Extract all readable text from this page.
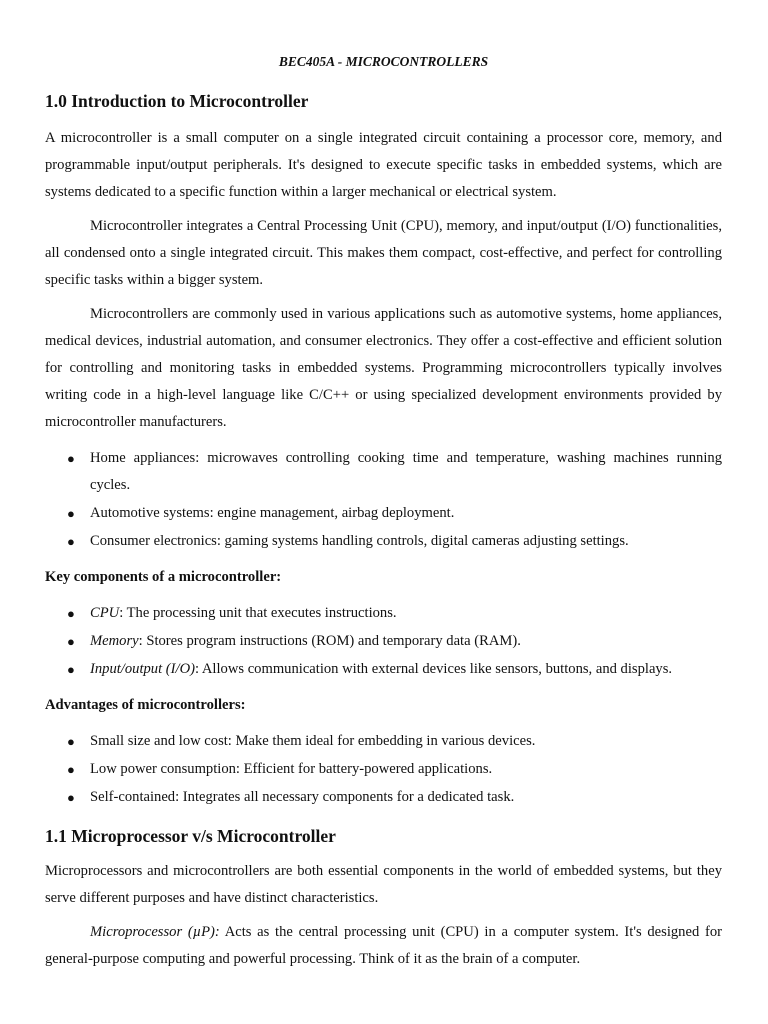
BEC405A - MICROCONTROLLERS

1.0 Introduction to Microcontroller

A microcontroller is a small computer on a single integrated circuit containing a processor core, memory, and programmable input/output peripherals. It's designed to execute specific tasks in embedded systems, which are systems dedicated to a specific function within a larger mechanical or electrical system.

Microcontroller integrates a Central Processing Unit (CPU), memory, and input/output (I/O) functionalities, all condensed onto a single integrated circuit. This makes them compact, cost-effective, and perfect for controlling specific tasks within a bigger system.

Microcontrollers are commonly used in various applications such as automotive systems, home appliances, medical devices, industrial automation, and consumer electronics. They offer a cost-effective and efficient solution for controlling and monitoring tasks in embedded systems. Programming microcontrollers typically involves writing code in a high-level language like C/C++ or using specialized development environments provided by microcontroller manufacturers.

● Home appliances: microwaves controlling cooking time and temperature, washing machines running cycles.
● Automotive systems: engine management, airbag deployment.
● Consumer electronics: gaming systems handling controls, digital cameras adjusting settings.
Key components of a microcontroller:
● CPU: The processing unit that executes instructions.
● Memory: Stores program instructions (ROM) and temporary data (RAM).
● Input/output (I/O): Allows communication with external devices like sensors, buttons, and displays.
Advantages of microcontrollers:
● Small size and low cost: Make them ideal for embedding in various devices.
● Low power consumption: Efficient for battery-powered applications.
● Self-contained: Integrates all necessary components for a dedicated task.
1.1 Microprocessor v/s Microcontroller

Microprocessors and microcontrollers are both essential components in the world of embedded systems, but they serve different purposes and have distinct characteristics.

Microprocessor (µP): Acts as the central processing unit (CPU) in a computer system. It's designed for general-purpose computing and powerful processing. Think of it as the brain of a computer.
